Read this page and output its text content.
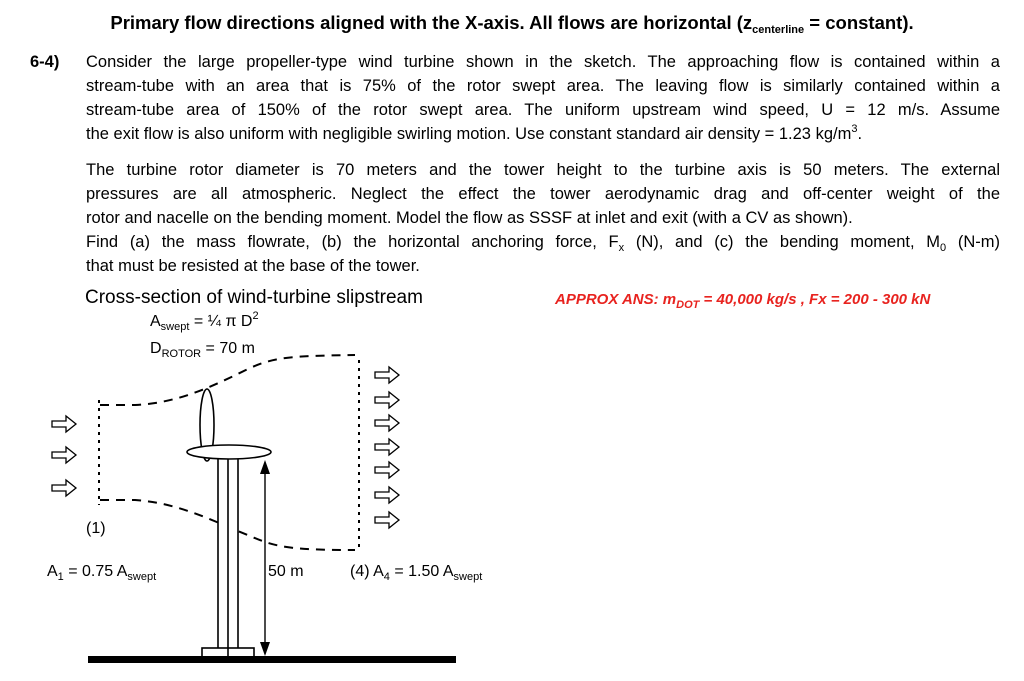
Primary flow directions aligned with the X-axis. All flows are horizontal ($z_{centerline}$ = constant).
6-4) Consider the large propeller-type wind turbine shown in the sketch. The approaching flow is contained within a
stream-tube with an area that is 75% of the rotor swept area. The leaving flow is similarly contained within a
stream-tube area of 150% of the rotor swept area. The uniform upstream wind speed, U = 12 m/s. Assume
the exit flow is also uniform with negligible swirling motion. Use constant standard air density = 1.23 $kg/m^3$.
The turbine rotor diameter is 70 meters and the tower height to the turbine axis is 50 meters. The external
pressures are all atmospheric. Neglect the effect the tower aerodynamic drag and off-center weight of the
rotor and nacelle on the bending moment. Model the flow as SSSF at inlet and exit (with a CV as shown).
Find (a) the mass flowrate, (b) the horizontal anchoring force, $F_x$ (N), and (c) the bending moment, $M_0$ (N-m)
that must be resisted at the base of the tower.
Cross-section of wind-turbine slipstream	APPROX ANS: $m_{DOT} = 40,000$ kg/s , Fx = 200 - 300 kN
$A_{swept}$ = ¼ π $D^2$
$D_{ROTOR} = 70$ m
(1)
$A_1 = 0.75$ $A_{swept}$	50 m	(4) $A_4 = 1.50$ $A_{swept}$
